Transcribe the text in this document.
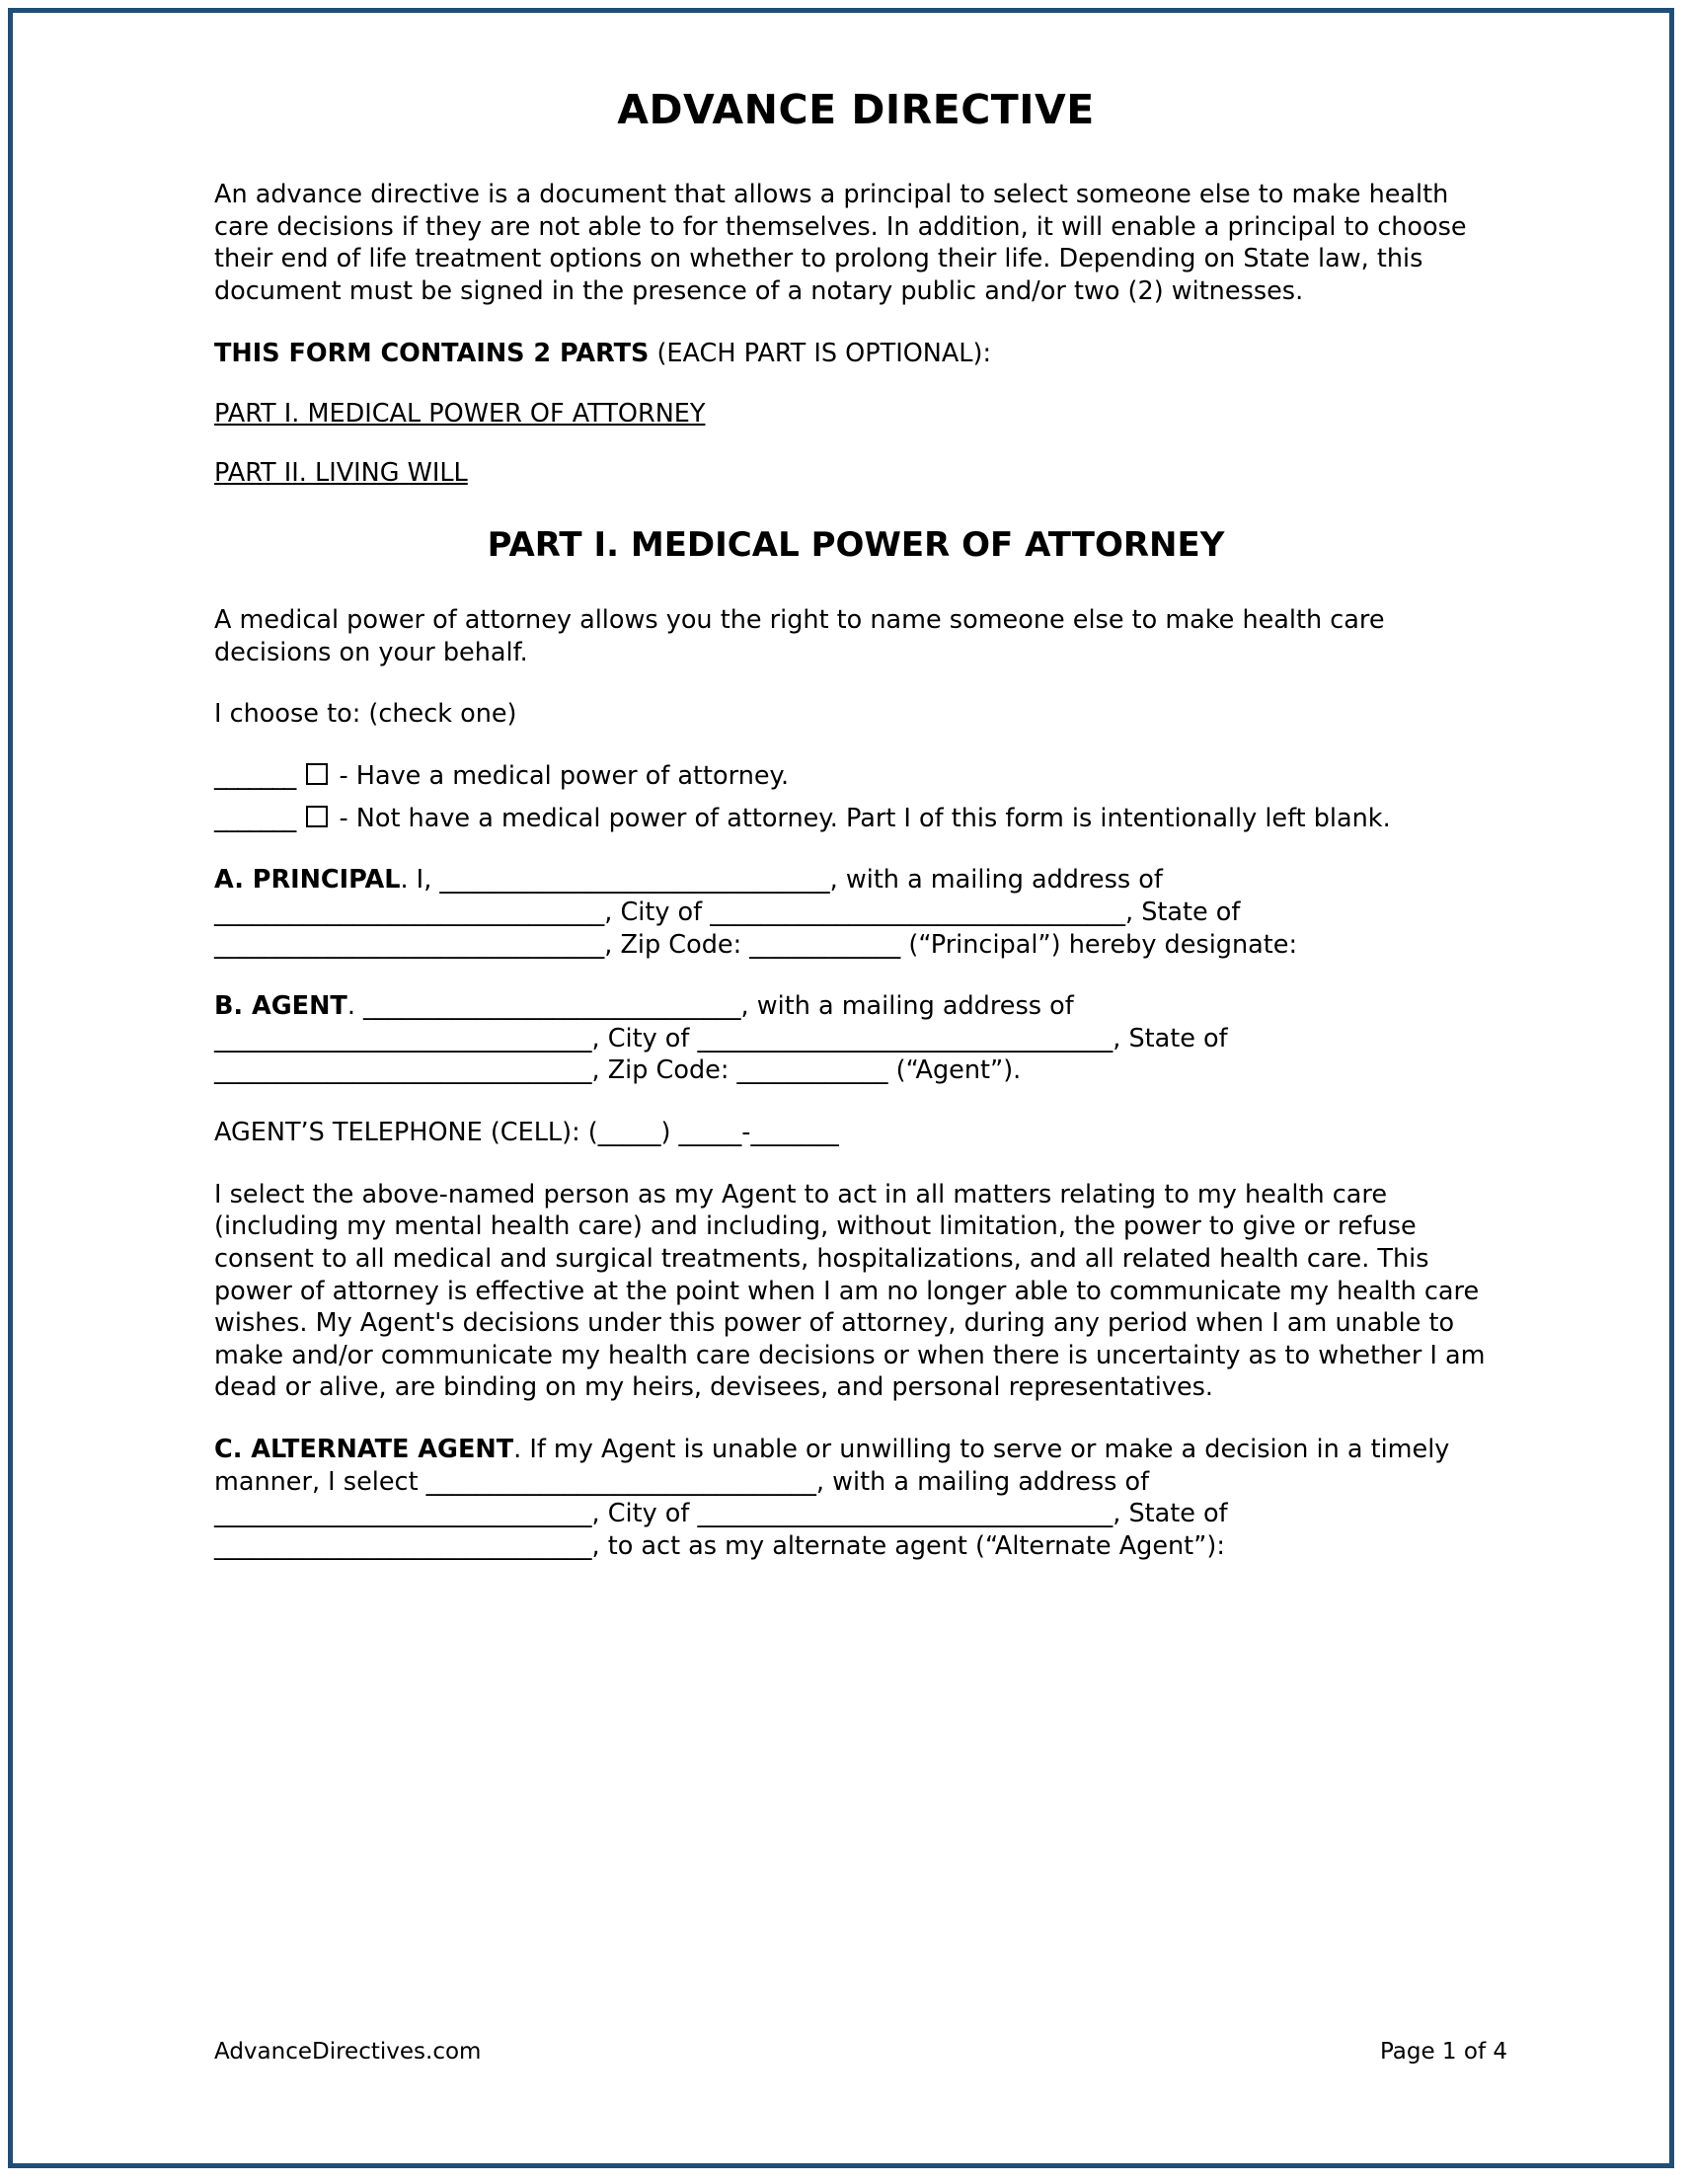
ADVANCE DIRECTIVE

An advance directive is a document that allows a principal to select someone else to make health care decisions if they are not able to for themselves. In addition, it will enable a principal to choose their end of life treatment options on whether to prolong their life. Depending on State law, this document must be signed in the presence of a notary public and/or two (2) witnesses.

THIS FORM CONTAINS 2 PARTS (EACH PART IS OPTIONAL):

PART I. MEDICAL POWER OF ATTORNEY

PART II. LIVING WILL

PART I. MEDICAL POWER OF ATTORNEY

A medical power of attorney allows you the right to name someone else to make health care decisions on your behalf.

I choose to: (check one)

_______  - Have a medical power of attorney.

_______  - Not have a medical power of attorney. Part I of this form is intentionally left blank.

A. PRINCIPAL. I, _______________________________, with a mailing address of
_______________________________, City of _________________________________, State of
_______________________________, Zip Code: ____________ (“Principal”) hereby designate:

B. AGENT. ______________________________, with a mailing address of
______________________________, City of _________________________________, State of
______________________________, Zip Code: ____________ (“Agent”).

AGENT’S TELEPHONE (CELL): (_____) _____-_______

I select the above-named person as my Agent to act in all matters relating to my health care (including my mental health care) and including, without limitation, the power to give or refuse consent to all medical and surgical treatments, hospitalizations, and all related health care. This power of attorney is effective at the point when I am no longer able to communicate my health care wishes. My Agent's decisions under this power of attorney, during any period when I am unable to make and/or communicate my health care decisions or when there is uncertainty as to whether I am dead or alive, are binding on my heirs, devisees, and personal representatives.

C. ALTERNATE AGENT. If my Agent is unable or unwilling to serve or make a decision in a timely manner, I select _______________________________, with a mailing address of
______________________________, City of _________________________________, State of
______________________________, to act as my alternate agent (“Alternate Agent”):

AdvanceDirectives.com	Page 1 of 4
